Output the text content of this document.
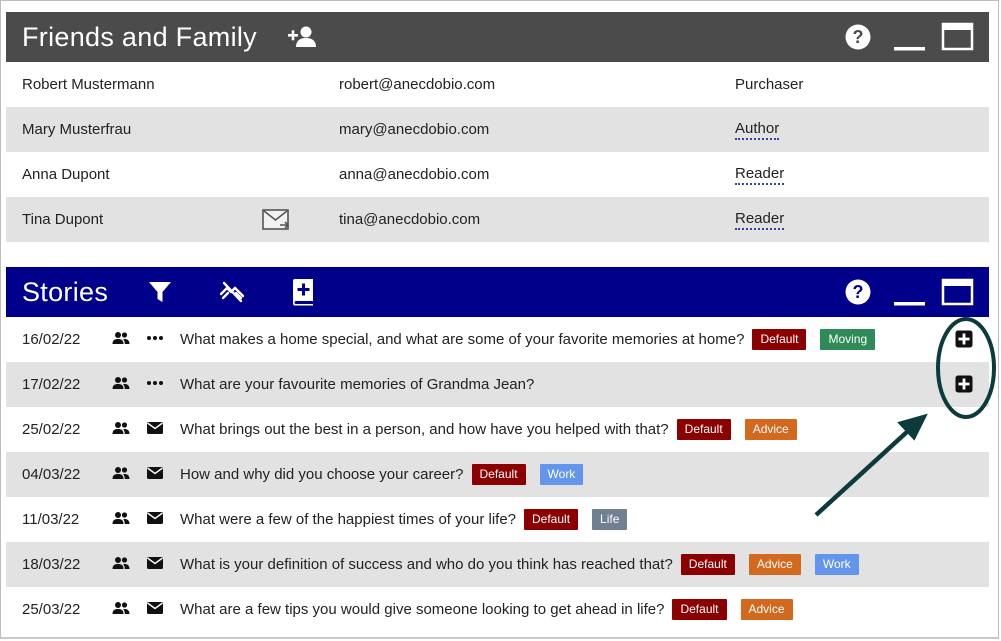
Friends and Family	?
Robert Mustermann	robert@anecdobio.com	Purchaser
Mary Musterfrau	mary@anecdobio.com	Author
Anna Dupont	anna@anecdobio.com	Reader
Tina Dupont	tina@anecdobio.com	Reader
Stories	?
16/02/22	What makes a home special, and what are some of your favorite memories at home?	Default	Moving
17/02/22	What are your favourite memories of Grandma Jean?
25/02/22	What brings out the best in a person, and how have you helped with that?	Default	Advice
04/03/22	How and why did you choose your career?	Default	Work
11/03/22	What were a few of the happiest times of your life?	Default	Life
18/03/22	What is your definition of success and who do you think has reached that?	Default	Advice	Work
25/03/22	What are a few tips you would give someone looking to get ahead in life?	Default	Advice
